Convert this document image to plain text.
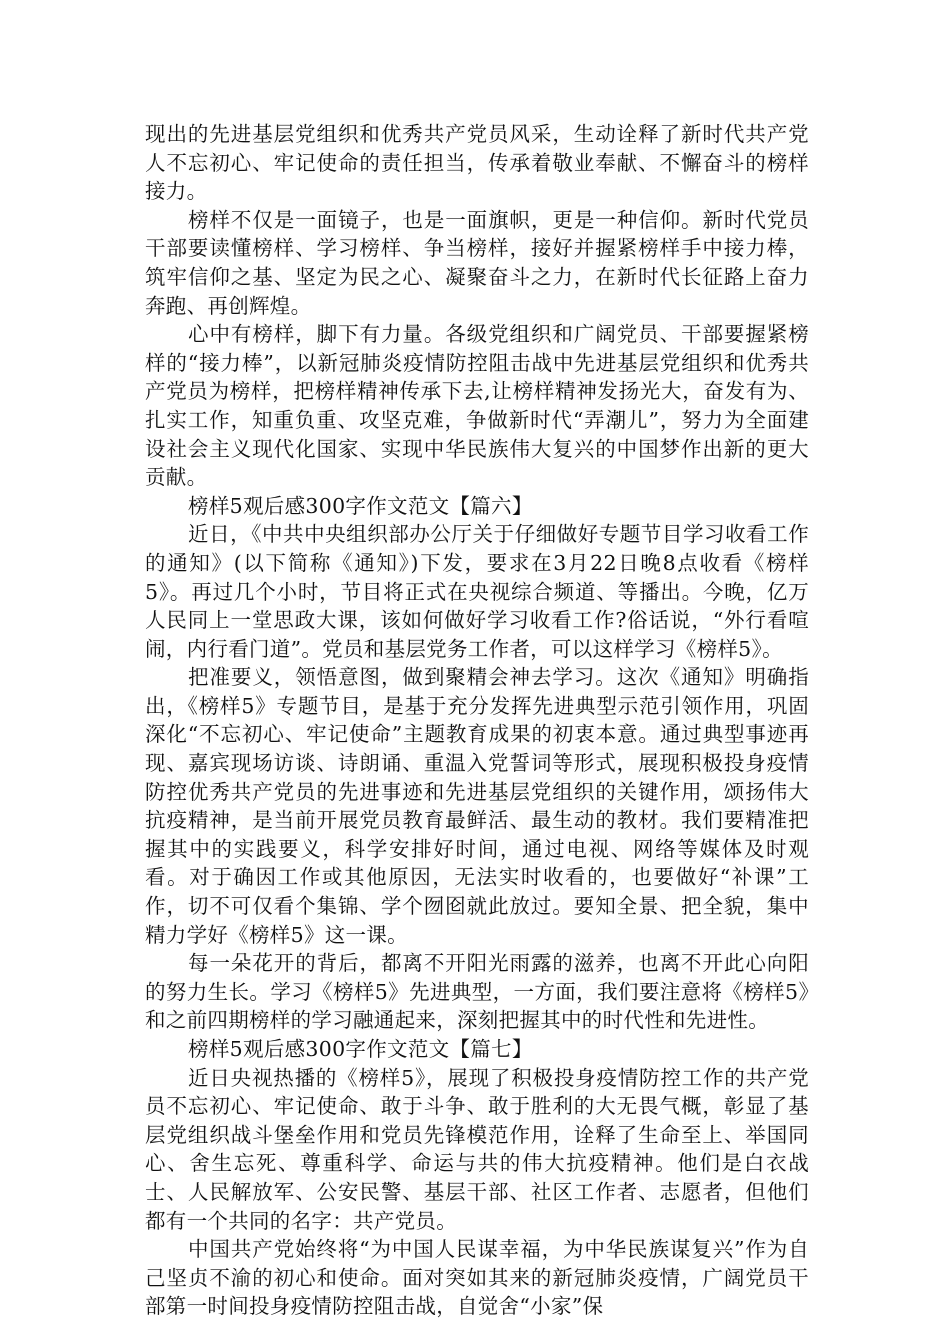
现出的先进基层党组织和优秀共产党员风采，生动诠释了新时代共产党人不忘初心、牢记使命的责任担当，传承着敬业奉献、不懈奋斗的榜样接力。

榜样不仅是一面镜子，也是一面旗帜，更是一种信仰。新时代党员干部要读懂榜样、学习榜样、争当榜样，接好并握紧榜样手中接力棒，筑牢信仰之基、坚定为民之心、凝聚奋斗之力，在新时代长征路上奋力奔跑、再创辉煌。

心中有榜样，脚下有力量。各级党组织和广阔党员、干部要握紧榜样的“接力棒”，以新冠肺炎疫情防控阻击战中先进基层党组织和优秀共产党员为榜样，把榜样精神传承下去,让榜样精神发扬光大，奋发有为、扎实工作，知重负重、攻坚克难，争做新时代“弄潮儿”，努力为全面建设社会主义现代化国家、实现中华民族伟大复兴的中国梦作出新的更大贡献。

榜样5观后感300字作文范文【篇六】

近日，《中共中央组织部办公厅关于仔细做好专题节目学习收看工作的通知》(以下简称《通知》)下发，要求在3月22日晚8点收看《榜样5》。再过几个小时，节目将正式在央视综合频道、等播出。今晚，亿万人民同上一堂思政大课，该如何做好学习收看工作?俗话说，“外行看喧闹，内行看门道”。党员和基层党务工作者，可以这样学习《榜样5》。

把准要义，领悟意图，做到聚精会神去学习。这次《通知》明确指出，《榜样5》专题节目，是基于充分发挥先进典型示范引领作用，巩固深化“不忘初心、牢记使命”主题教育成果的初衷本意。通过典型事迹再现、嘉宾现场访谈、诗朗诵、重温入党誓词等形式，展现积极投身疫情防控优秀共产党员的先进事迹和先进基层党组织的关键作用，颂扬伟大抗疫精神，是当前开展党员教育最鲜活、最生动的教材。我们要精准把握其中的实践要义，科学安排好时间，通过电视、网络等媒体及时观看。对于确因工作或其他原因，无法实时收看的，也要做好“补课”工作，切不可仅看个集锦、学个囫囵就此放过。要知全景、把全貌，集中精力学好《榜样5》这一课。

每一朵花开的背后，都离不开阳光雨露的滋养，也离不开此心向阳的努力生长。学习《榜样5》先进典型，一方面，我们要注意将《榜样5》和之前四期榜样的学习融通起来，深刻把握其中的时代性和先进性。

榜样5观后感300字作文范文【篇七】

近日央视热播的《榜样5》，展现了积极投身疫情防控工作的共产党员不忘初心、牢记使命、敢于斗争、敢于胜利的大无畏气概，彰显了基层党组织战斗堡垒作用和党员先锋模范作用，诠释了生命至上、举国同心、舍生忘死、尊重科学、命运与共的伟大抗疫精神。他们是白衣战士、人民解放军、公安民警、基层干部、社区工作者、志愿者，但他们都有一个共同的名字：共产党员。

中国共产党始终将“为中国人民谋幸福，为中华民族谋复兴”作为自己坚贞不渝的初心和使命。面对突如其来的新冠肺炎疫情，广阔党员干部第一时间投身疫情防控阻击战，自觉舍“小家”保
